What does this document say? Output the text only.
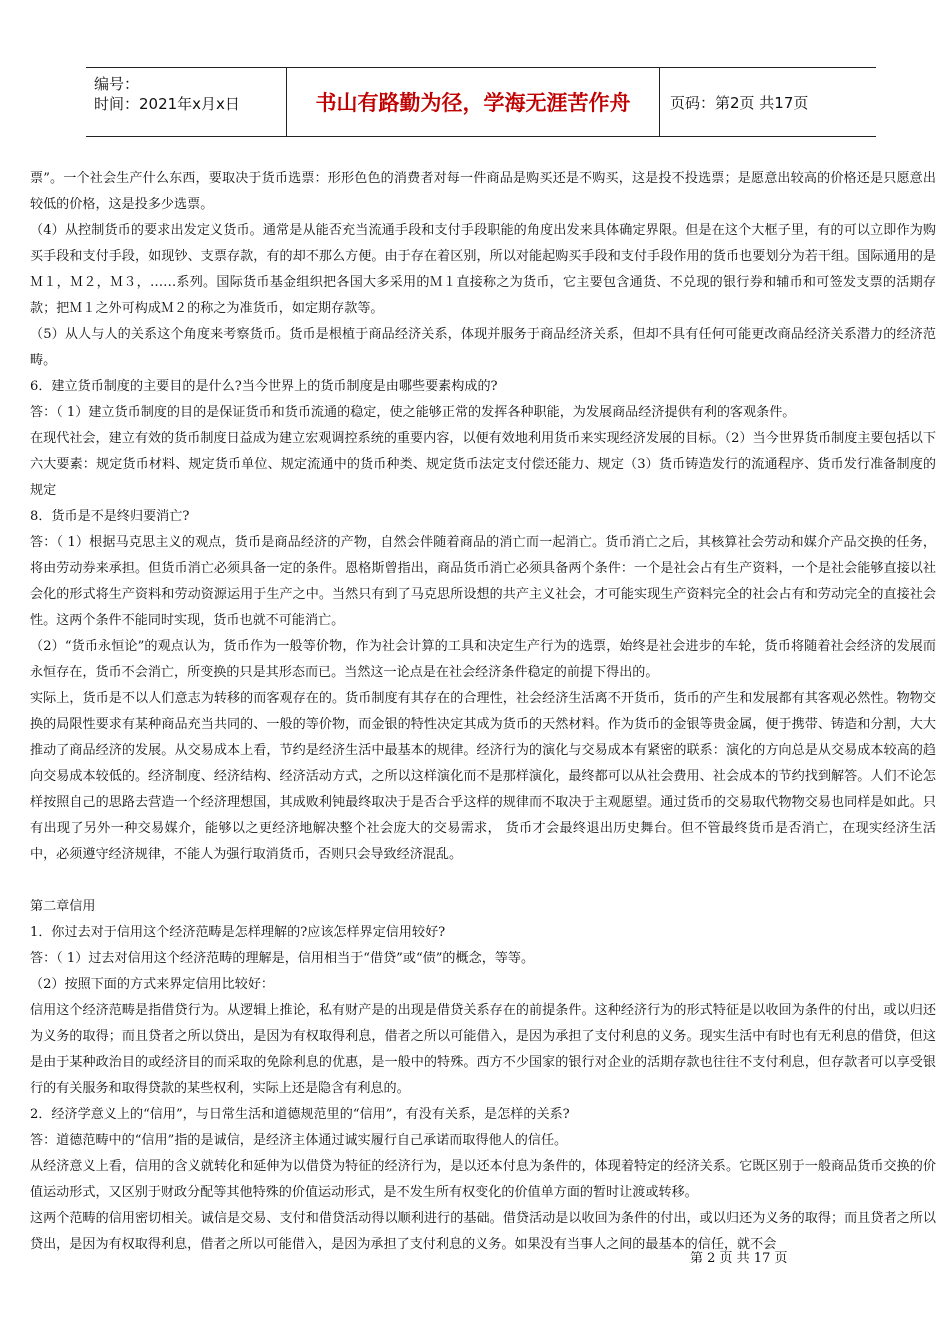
编号：
时间：2021年x月x日	书山有路勤为径，学海无涯苦作舟	页码：第2页 共17页

票”。一个社会生产什么东西，要取决于货币选票：形形色色的消费者对每一件商品是购买还是不购买，这是投不投选票；是愿意出较高的价格还是只愿意出较低的价格，这是投多少选票。

（4）从控制货币的要求出发定义货币。通常是从能否充当流通手段和支付手段职能的角度出发来具体确定界限。但是在这个大框子里，有的可以立即作为购买手段和支付手段，如现钞、支票存款，有的却不那么方便。由于存在着区别，所以对能起购买手段和支付手段作用的货币也要划分为若干组。国际通用的是Ｍ１，Ｍ２，Ｍ３，……系列。国际货币基金组织把各国大多采用的Ｍ１直接称之为货币，它主要包含通货、不兑现的银行券和辅币和可签发支票的活期存款；把Ｍ１之外可构成Ｍ２的称之为准货币，如定期存款等。

（5）从人与人的关系这个角度来考察货币。货币是根植于商品经济关系，体现并服务于商品经济关系，但却不具有任何可能更改商品经济关系潜力的经济范畴。

6．建立货币制度的主要目的是什么?当今世界上的货币制度是由哪些要素构成的?

答：（ 1）建立货币制度的目的是保证货币和货币流通的稳定，使之能够正常的发挥各种职能，为发展商品经济提供有利的客观条件。

在现代社会，建立有效的货币制度日益成为建立宏观调控系统的重要内容，以便有效地利用货币来实现经济发展的目标。（2）当今世界货币制度主要包括以下六大要素：规定货币材料、规定货币单位、规定流通中的货币种类、规定货币法定支付偿还能力、规定（3）货币铸造发行的流通程序、货币发行准备制度的规定

8．货币是不是终归要消亡?

答：（ 1）根据马克思主义的观点，货币是商品经济的产物，自然会伴随着商品的消亡而一起消亡。货币消亡之后，其核算社会劳动和媒介产品交换的任务，将由劳动券来承担。但货币消亡必须具备一定的条件。恩格斯曾指出，商品货币消亡必须具备两个条件：一个是社会占有生产资料，一个是社会能够直接以社会化的形式将生产资料和劳动资源运用于生产之中。当然只有到了马克思所设想的共产主义社会，才可能实现生产资料完全的社会占有和劳动完全的直接社会性。这两个条件不能同时实现，货币也就不可能消亡。

（2）“货币永恒论”的观点认为，货币作为一般等价物，作为社会计算的工具和决定生产行为的选票，始终是社会进步的车轮，货币将随着社会经济的发展而永恒存在，货币不会消亡，所变换的只是其形态而已。当然这一论点是在社会经济条件稳定的前提下得出的。

实际上，货币是不以人们意志为转移的而客观存在的。货币制度有其存在的合理性，社会经济生活离不开货币，货币的产生和发展都有其客观必然性。物物交换的局限性要求有某种商品充当共同的、一般的等价物，而金银的特性决定其成为货币的天然材料。作为货币的金银等贵金属，便于携带、铸造和分割，大大推动了商品经济的发展。从交易成本上看，节约是经济生活中最基本的规律。经济行为的演化与交易成本有紧密的联系：演化的方向总是从交易成本较高的趋向交易成本较低的。经济制度、经济结构、经济活动方式，之所以这样演化而不是那样演化，最终都可以从社会费用、社会成本的节约找到解答。人们不论怎样按照自己的思路去营造一个经济理想国，其成败利钝最终取决于是否合乎这样的规律而不取决于主观愿望。通过货币的交易取代物物交易也同样是如此。只有出现了另外一种交易媒介，能够以之更经济地解决整个社会庞大的交易需求， 货币才会最终退出历史舞台。但不管最终货币是否消亡，在现实经济生活中，必须遵守经济规律，不能人为强行取消货币，否则只会导致经济混乱。

第二章信用

1．你过去对于信用这个经济范畴是怎样理解的?应该怎样界定信用较好?

答：（ 1）过去对信用这个经济范畴的理解是，信用相当于“借贷”或“债”的概念，等等。

（2）按照下面的方式来界定信用比较好：

信用这个经济范畴是指借贷行为。从逻辑上推论，私有财产是的出现是借贷关系存在的前提条件。这种经济行为的形式特征是以收回为条件的付出，或以归还为义务的取得；而且贷者之所以贷出，是因为有权取得利息，借者之所以可能借入，是因为承担了支付利息的义务。现实生活中有时也有无利息的借贷，但这是由于某种政治目的或经济目的而采取的免除利息的优惠，是一般中的特殊。西方不少国家的银行对企业的活期存款也往往不支付利息，但存款者可以享受银行的有关服务和取得贷款的某些权利，实际上还是隐含有利息的。

2．经济学意义上的“信用”，与日常生活和道德规范里的“信用”，有没有关系，是怎样的关系?

答：道德范畴中的“信用”指的是诚信，是经济主体通过诚实履行自己承诺而取得他人的信任。

从经济意义上看，信用的含义就转化和延伸为以借贷为特征的经济行为，是以还本付息为条件的，体现着特定的经济关系。它既区别于一般商品货币交换的价值运动形式，又区别于财政分配等其他特殊的价值运动形式，是不发生所有权变化的价值单方面的暂时让渡或转移。

这两个范畴的信用密切相关。诚信是交易、支付和借贷活动得以顺利进行的基础。借贷活动是以收回为条件的付出，或以归还为义务的取得；而且贷者之所以贷出，是因为有权取得利息，借者之所以可能借入，是因为承担了支付利息的义务。如果没有当事人之间的最基本的信任，就不会

第 2 页 共 17 页
